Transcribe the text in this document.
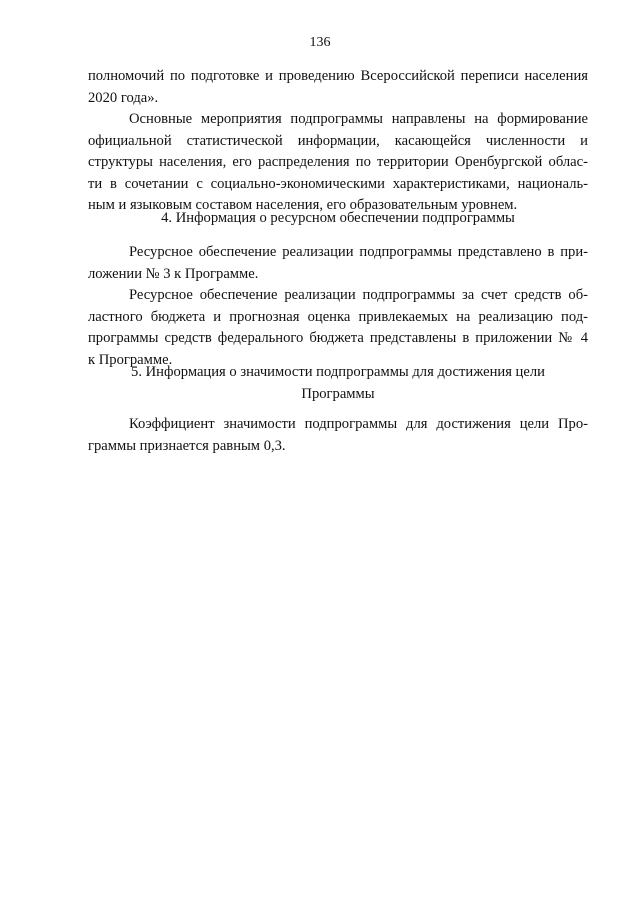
136
полномочий по подготовке и проведению Всероссийской переписи населения
2020 года».
Основные мероприятия подпрограммы направлены на формирование
официальной статистической информации, касающейся численности и
структуры населения, его распределения по территории Оренбургской облас-
ти в сочетании с социально-экономическими характеристиками, националь-
ным и языковым составом населения, его образовательным уровнем.
4. Информация о ресурсном обеспечении подпрограммы
Ресурсное обеспечение реализации подпрограммы представлено в при-
ложении № 3 к Программе.
Ресурсное обеспечение реализации подпрограммы за счет средств об-
ластного бюджета и прогнозная оценка привлекаемых на реализацию под-
программы средств федерального бюджета представлены в приложении № 4
к Программе.
5. Информация о значимости подпрограммы для достижения цели
Программы
Коэффициент значимости подпрограммы для достижения цели Про-
граммы признается равным 0,3.
